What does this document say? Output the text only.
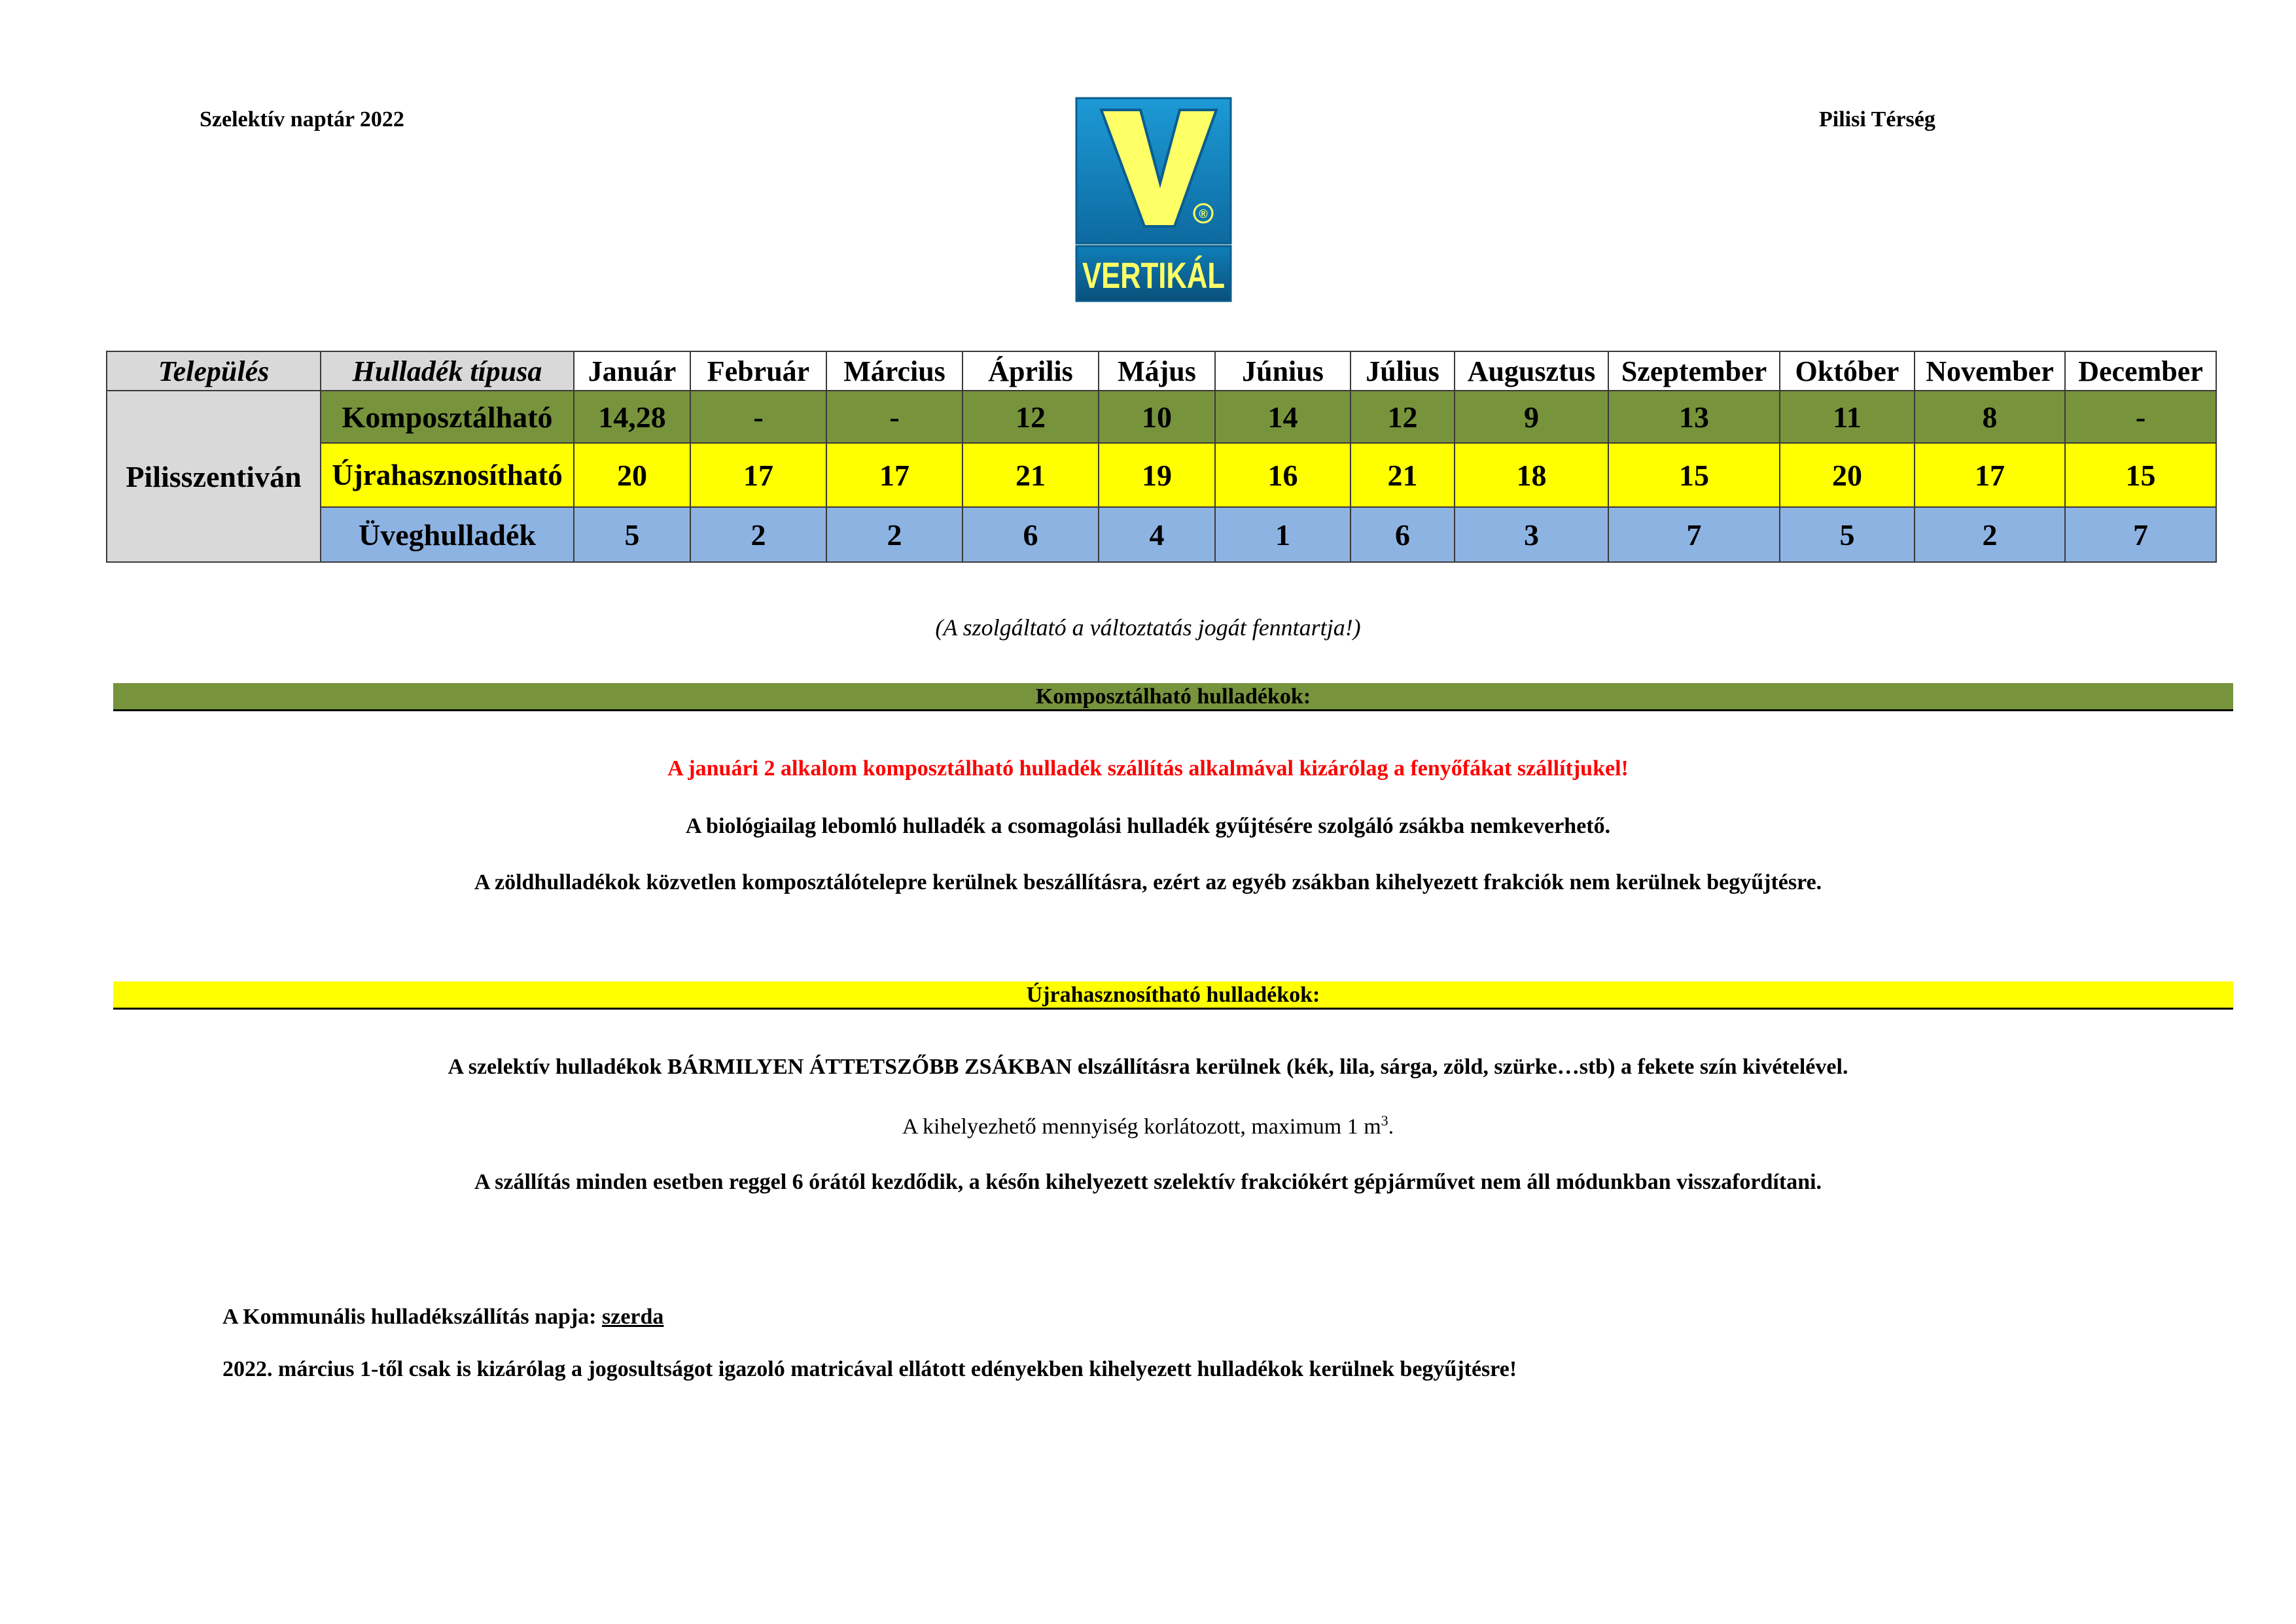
Szelektív naptár 2022	Pilisi Térség
®
VERTIKÁL
Település	Hulladék típusa	Január	Február	Március	Április	Május	Június	Július	Augusztus	Szeptember	Október	November	December
Pilisszentiván	Komposztálható	14,28	-	-	12	10	14	12	9	13	11	8	-
	Újrahasznosítható	20	17	17	21	19	16	21	18	15	20	17	15
	Üveghulladék	5	2	2	6	4	1	6	3	7	5	2	7
(A szolgáltató a változtatás jogát fenntartja!)
Komposztálható hulladékok:
A januári 2 alkalom komposztálható hulladék szállítás alkalmával kizárólag a fenyőfákat szállítjukel!
A biológiailag lebomló hulladék a csomagolási hulladék gyűjtésére szolgáló zsákba nemkeverhető.
A zöldhulladékok közvetlen komposztálótelepre kerülnek beszállításra, ezért az egyéb zsákban kihelyezett frakciók nem kerülnek begyűjtésre.
Újrahasznosítható hulladékok:
A szelektív hulladékok BÁRMILYEN ÁTTETSZŐBB ZSÁKBAN elszállításra kerülnek (kék, lila, sárga, zöld, szürke…stb) a fekete szín kivételével.
A kihelyezhető mennyiség korlátozott, maximum 1 $m^3$.
A szállítás minden esetben reggel 6 órától kezdődik, a későn kihelyezett szelektív frakciókért gépjárművet nem áll módunkban visszafordítani.
A Kommunális hulladékszállítás napja: szerda
2022. március 1-től csak is kizárólag a jogosultságot igazoló matricával ellátott edényekben kihelyezett hulladékok kerülnek begyűjtésre!
